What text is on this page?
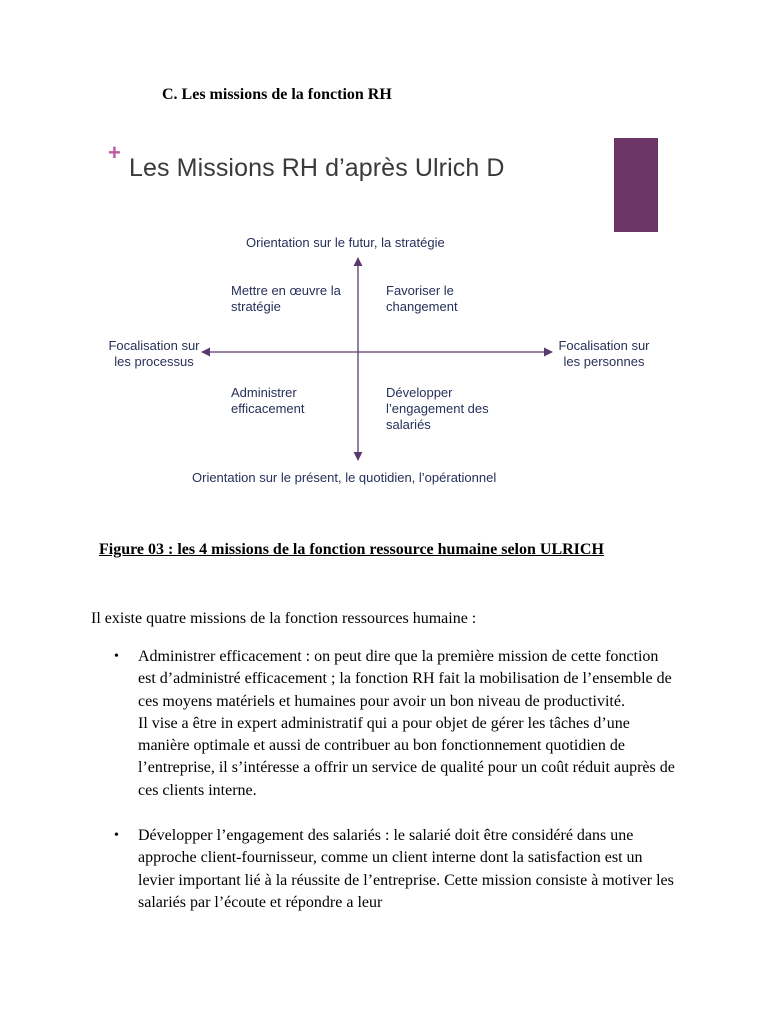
C. Les missions de la fonction RH
+
Les Missions RH d’après Ulrich D
Orientation sur le futur, la stratégie
Orientation sur le présent, le quotidien, l’opérationnel
Focalisation sur les processus
Focalisation sur les personnes
Mettre en œuvre la stratégie
Favoriser le changement
Administrer efficacement
Développer l’engagement des salariés
Figure 03 : les 4 missions de la fonction ressource humaine selon ULRICH
Il existe quatre missions de la fonction ressources humaine :
• Administrer efficacement : on peut dire que la première mission de cette fonction est d’administré efficacement ; la fonction RH fait la mobilisation de l’ensemble de ces moyens matériels et humaines pour avoir un bon niveau de productivité.

Il vise a être in expert administratif qui a pour objet de gérer les tâches d’une manière optimale et aussi de contribuer au bon fonctionnement quotidien de l’entreprise, il s’intéresse a offrir un service de qualité pour un coût réduit auprès de ces clients interne.

• Développer l’engagement des salariés : le salarié doit être considéré dans une approche client-fournisseur, comme un client interne dont la satisfaction est un levier important lié à la réussite de l’entreprise. Cette mission consiste à motiver les salariés par l’écoute et répondre a leur
